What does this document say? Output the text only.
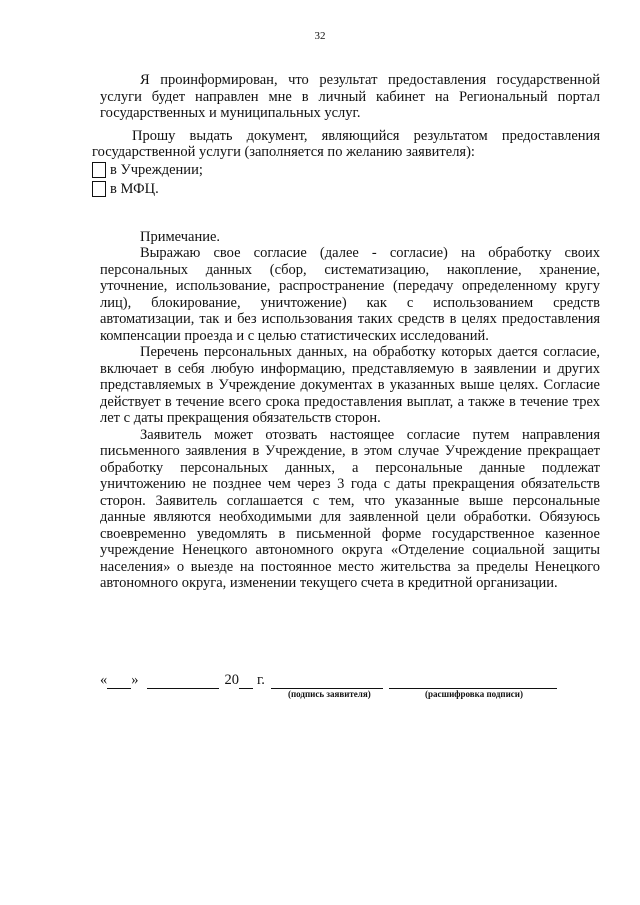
32

Я проинформирован, что результат предоставления государственной услуги будет направлен мне в личный кабинет на Региональный портал государственных и муниципальных услуг.

Прошу выдать документ, являющийся результатом предоставления государственной услуги (заполняется по желанию заявителя):

в Учреждении;
в МФЦ.

Примечание.

Выражаю свое согласие (далее - согласие) на обработку своих персональных данных (сбор, систематизацию, накопление, хранение, уточнение, использование, распространение (передачу определенному кругу лиц), блокирование, уничтожение) как с использованием средств автоматизации, так и без использования таких средств в целях предоставления компенсации проезда и с целью статистических исследований.

Перечень персональных данных, на обработку которых дается согласие, включает в себя любую информацию, представляемую в заявлении и других представляемых в Учреждение документах в указанных выше целях. Согласие действует в течение всего срока предоставления выплат, а также в течение трех лет с даты прекращения обязательств сторон.

Заявитель может отозвать настоящее согласие путем направления письменного заявления в Учреждение, в этом случае Учреждение прекращает обработку персональных данных, а персональные данные подлежат уничтожению не позднее чем через 3 года с даты прекращения обязательств сторон. Заявитель соглашается с тем, что указанные выше персональные данные являются необходимыми для заявленной цели обработки. Обязуюсь своевременно уведомлять в письменной форме государственное казенное учреждение Ненецкого автономного округа «Отделение социальной защиты населения» о выезде на постоянное место жительства за пределы Ненецкого автономного округа, изменении текущего счета в кредитной организации.

« »	20 г.
(подпись заявителя)	(расшифровка подписи)
